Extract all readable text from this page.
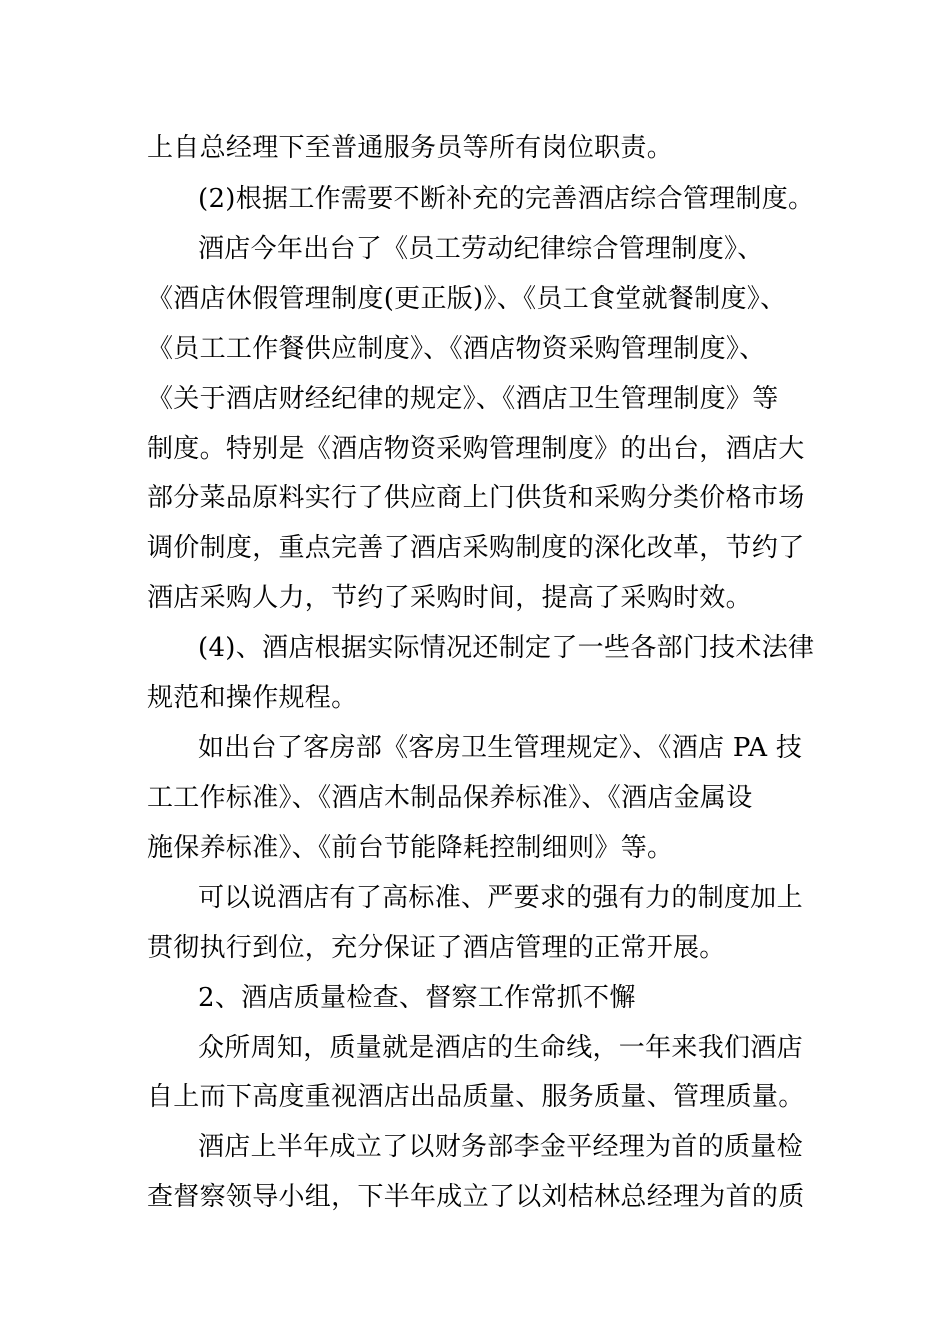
上自总经理下至普通服务员等所有岗位职责。
(2)根据工作需要不断补充的完善酒店综合管理制度。
酒店今年出台了《员工劳动纪律综合管理制度》、
《酒店休假管理制度(更正版)》、《员工食堂就餐制度》、
《员工工作餐供应制度》、《酒店物资采购管理制度》、
《关于酒店财经纪律的规定》、《酒店卫生管理制度》等
制度。特别是《酒店物资采购管理制度》的出台，酒店大
部分菜品原料实行了供应商上门供货和采购分类价格市场
调价制度，重点完善了酒店采购制度的深化改革，节约了
酒店采购人力，节约了采购时间，提高了采购时效。
(4)、酒店根据实际情况还制定了一些各部门技术法律
规范和操作规程。
如出台了客房部《客房卫生管理规定》、《酒店 PA 技
工工作标准》、《酒店木制品保养标准》、《酒店金属设
施保养标准》、《前台节能降耗控制细则》等。
可以说酒店有了高标准、严要求的强有力的制度加上
贯彻执行到位，充分保证了酒店管理的正常开展。
2、酒店质量检查、督察工作常抓不懈
众所周知，质量就是酒店的生命线，一年来我们酒店
自上而下高度重视酒店出品质量、服务质量、管理质量。
酒店上半年成立了以财务部李金平经理为首的质量检
查督察领导小组，下半年成立了以刘桔林总经理为首的质
